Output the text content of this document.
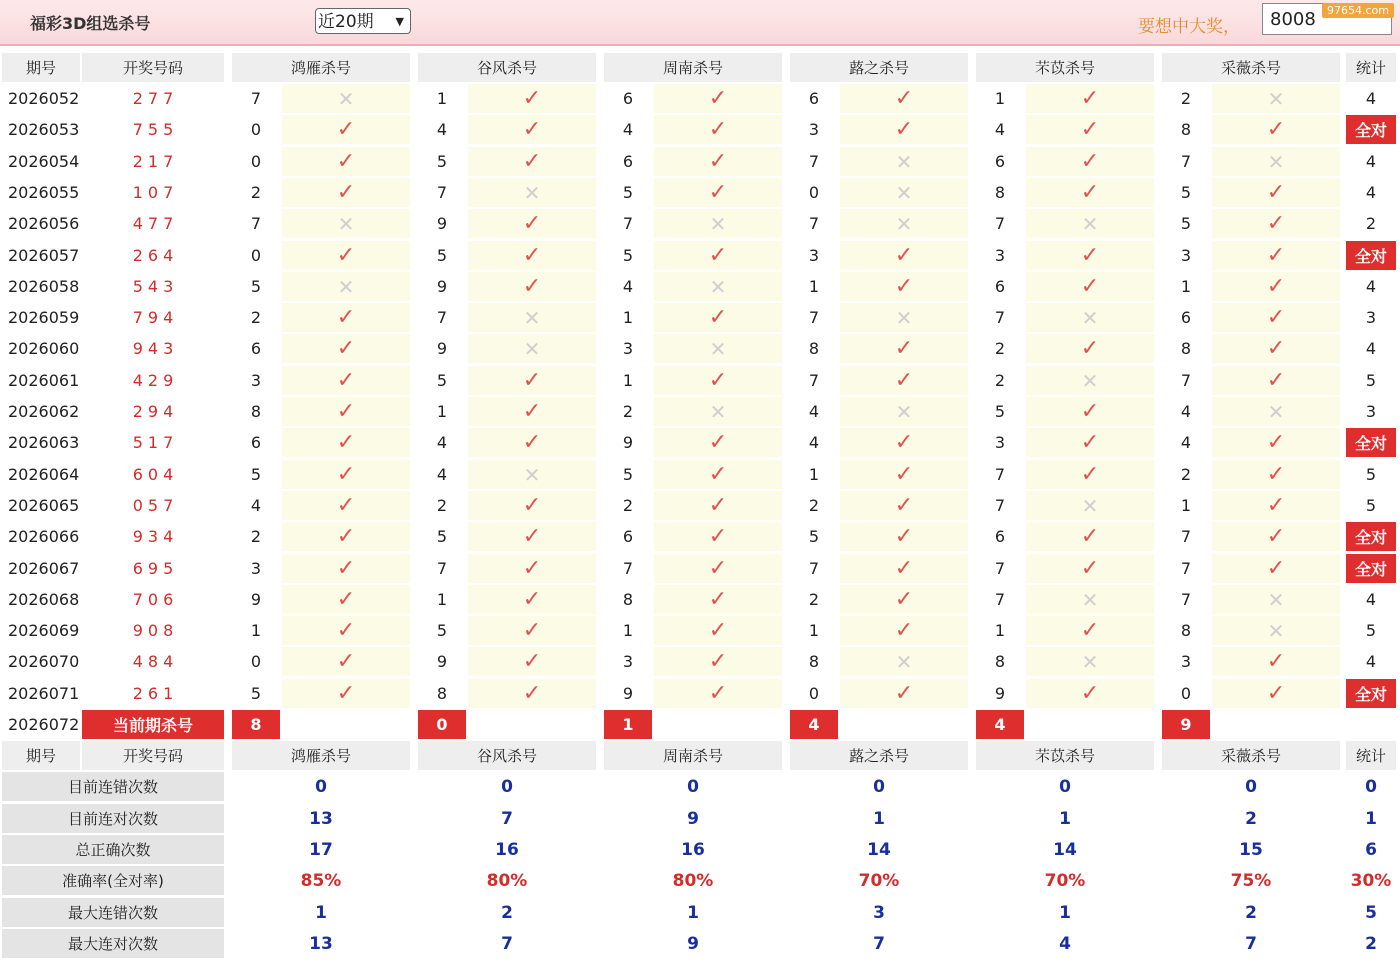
福彩3D组选杀号	近20期 ▼	要想中大奖，	8008	97654.com
期号	开奖号码	鸿雁杀号	谷风杀号	周南杀号	蕗之杀号	芣苡杀号	采薇杀号	统计
2026052	277	7	✕	1	✓	6	✓	6	✓	1	✓	2	✕	4
2026053	755	0	✓	4	✓	4	✓	3	✓	4	✓	8	✓	全对
2026054	217	0	✓	5	✓	6	✓	7	✕	6	✓	7	✕	4
2026055	107	2	✓	7	✕	5	✓	0	✕	8	✓	5	✓	4
2026056	477	7	✕	9	✓	7	✕	7	✕	7	✕	5	✓	2
2026057	264	0	✓	5	✓	5	✓	3	✓	3	✓	3	✓	全对
2026058	543	5	✕	9	✓	4	✕	1	✓	6	✓	1	✓	4
2026059	794	2	✓	7	✕	1	✓	7	✕	7	✕	6	✓	3
2026060	943	6	✓	9	✕	3	✕	8	✓	2	✓	8	✓	4
2026061	429	3	✓	5	✓	1	✓	7	✓	2	✕	7	✓	5
2026062	294	8	✓	1	✓	2	✕	4	✕	5	✓	4	✕	3
2026063	517	6	✓	4	✓	9	✓	4	✓	3	✓	4	✓	全对
2026064	604	5	✓	4	✕	5	✓	1	✓	7	✓	2	✓	5
2026065	057	4	✓	2	✓	2	✓	2	✓	7	✕	1	✓	5
2026066	934	2	✓	5	✓	6	✓	5	✓	6	✓	7	✓	全对
2026067	695	3	✓	7	✓	7	✓	7	✓	7	✓	7	✓	全对
2026068	706	9	✓	1	✓	8	✓	2	✓	7	✕	7	✕	4
2026069	908	1	✓	5	✓	1	✓	1	✓	1	✓	8	✕	5
2026070	484	0	✓	9	✓	3	✓	8	✕	8	✕	3	✓	4
2026071	261	5	✓	8	✓	9	✓	0	✓	9	✓	0	✓	全对
2026072	当前期杀号	8	0	1	4	4	9
期号	开奖号码	鸿雁杀号	谷风杀号	周南杀号	蕗之杀号	芣苡杀号	采薇杀号	统计
目前连错次数	0	0	0	0	0	0	0
目前连对次数	13	7	9	1	1	2	1
总正确次数	17	16	16	14	14	15	6
准确率(全对率)	85%	80%	80%	70%	70%	75%	30%
最大连错次数	1	2	1	3	1	2	5
最大连对次数	13	7	9	7	4	7	2
